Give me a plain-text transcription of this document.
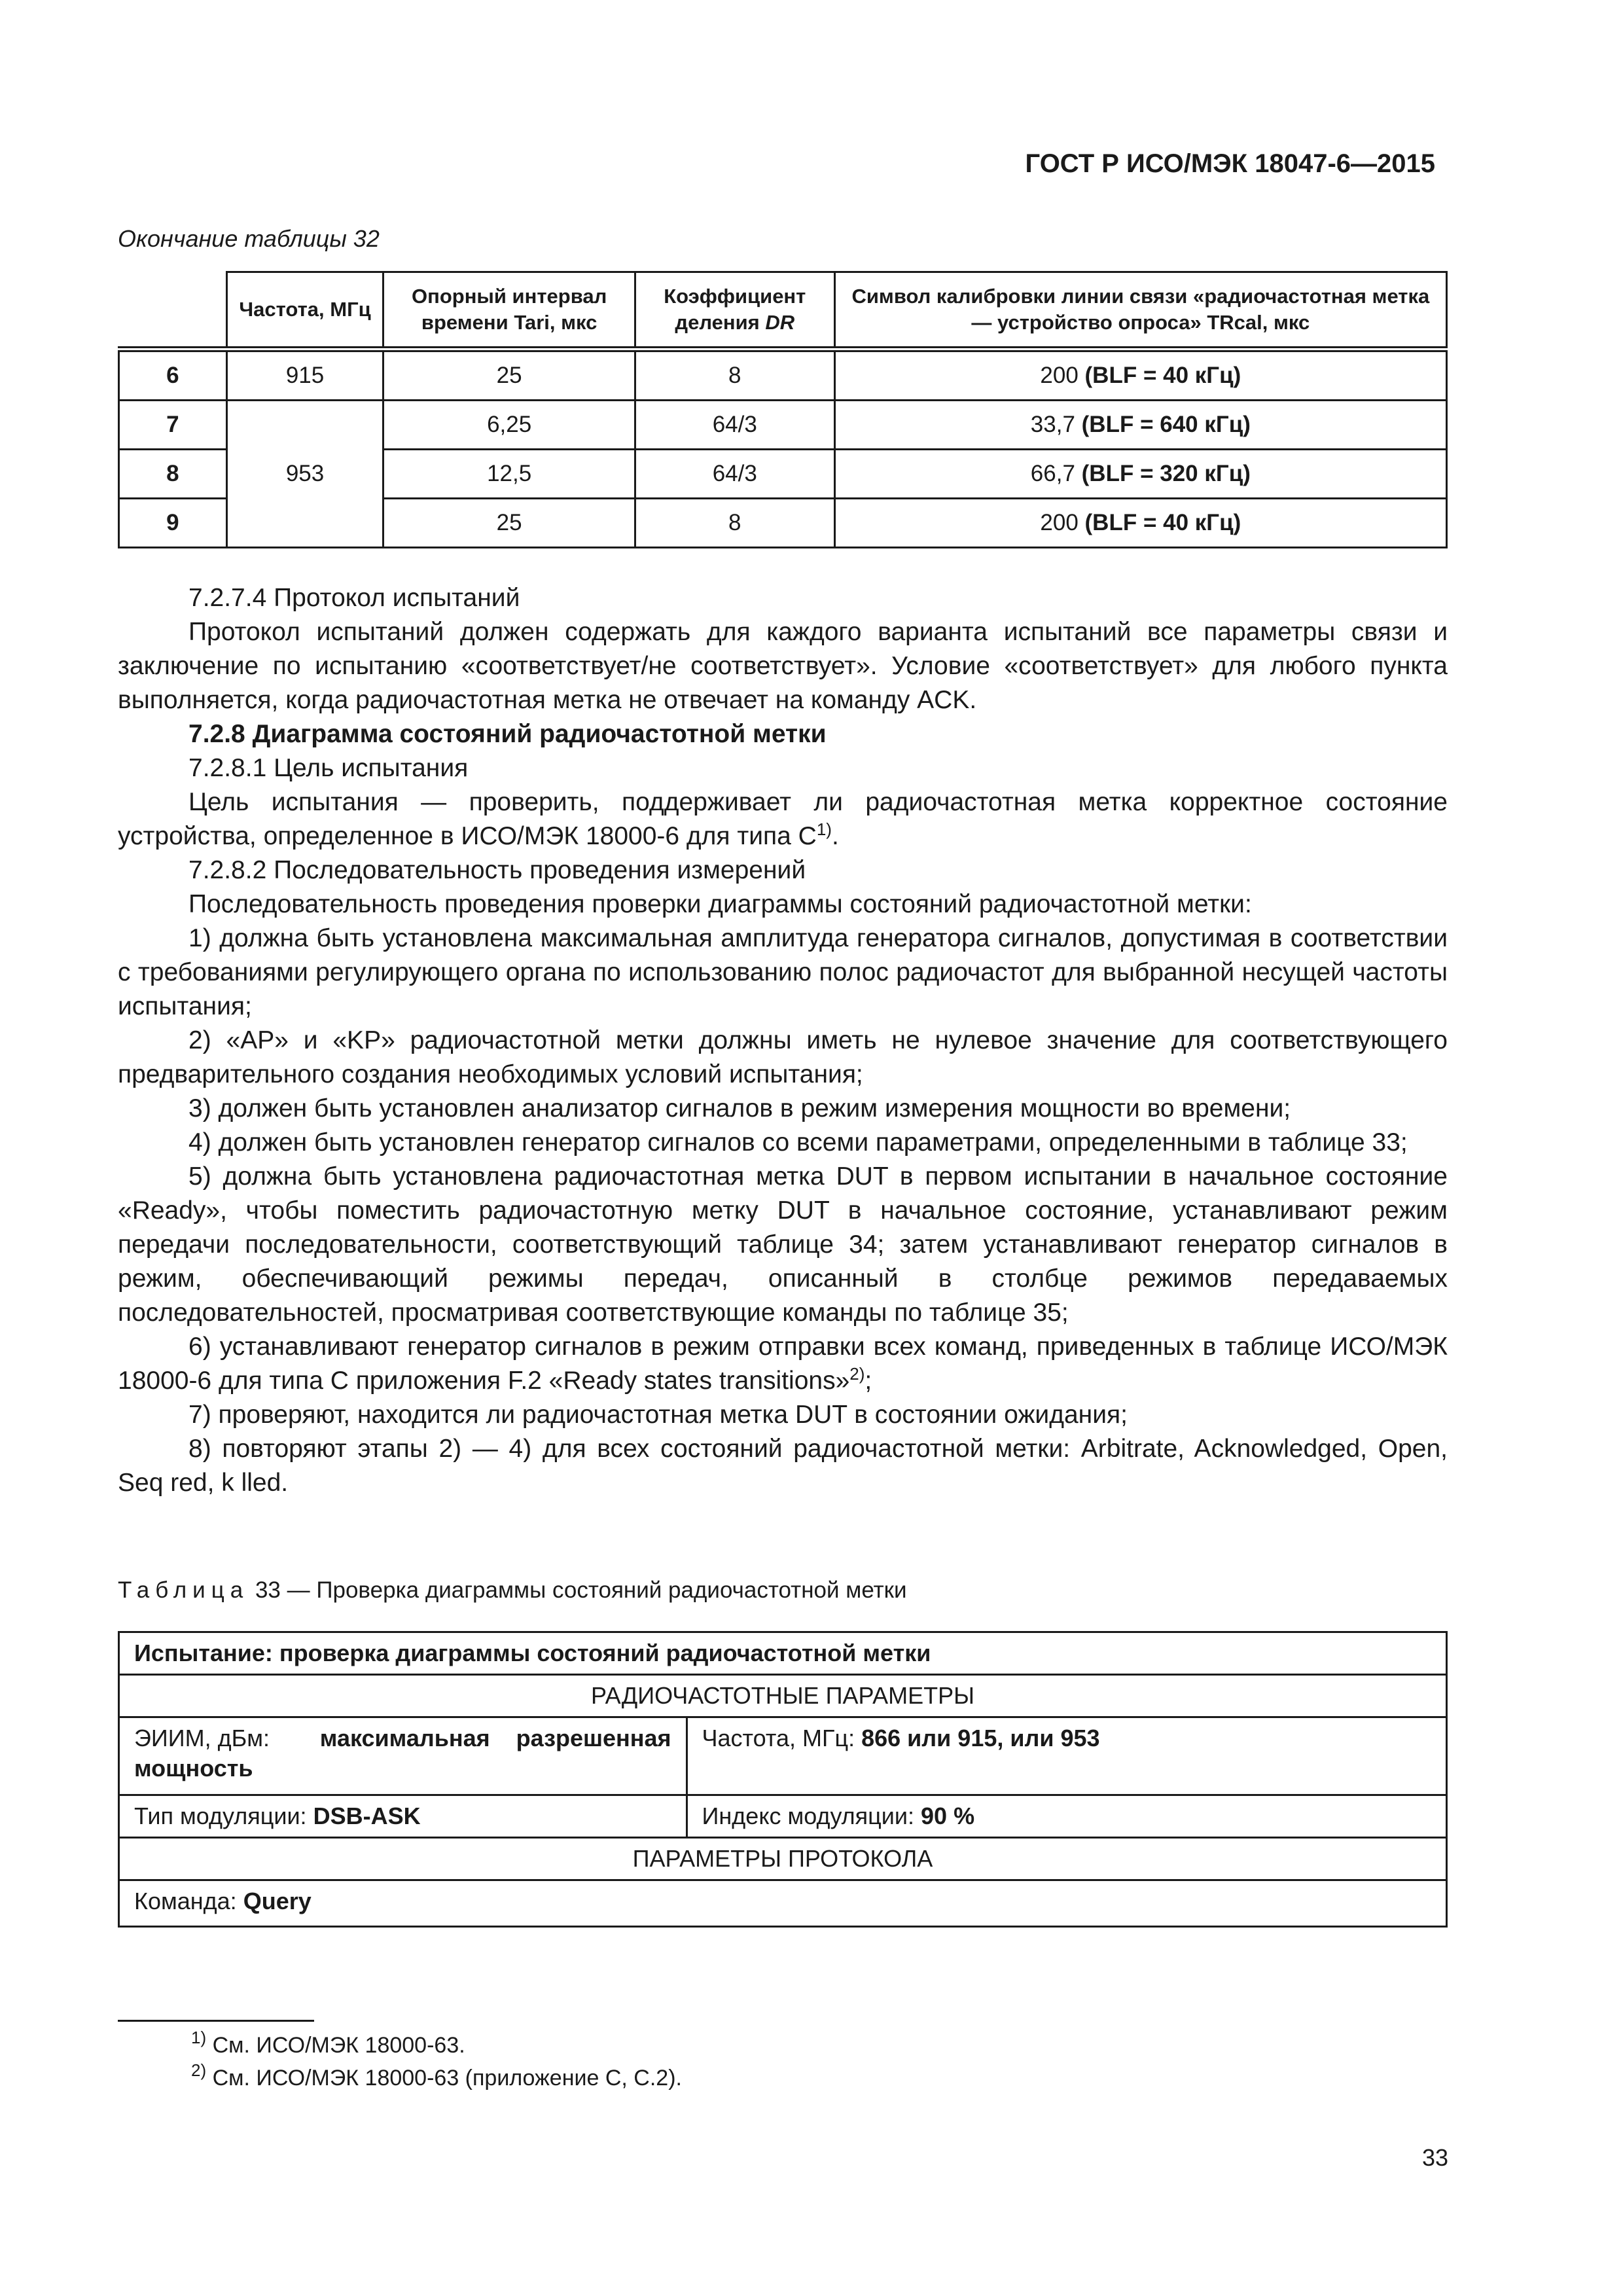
ГОСТ Р ИСО/МЭК 18047-6—2015
Окончание таблицы 32
	Частота, МГц	Опорный интервал времени Tari, мкс	Коэффициент деления DR	Символ калибровки линии связи «радиочастотная метка — устройство опроса» TRcal, мкс
6	915	25	8	200 (BLF = 40 кГц)
7	953	6,25	64/3	33,7 (BLF = 640 кГц)
8		12,5	64/3	66,7 (BLF = 320 кГц)
9		25	8	200 (BLF = 40 кГц)

7.2.7.4 Протокол испытаний

Протокол испытаний должен содержать для каждого варианта испытаний все параметры связи и заключение по испытанию «соответствует/не соответствует». Условие «соответствует» для любого пункта выполняется, когда радиочастотная метка не отвечает на команду ACK.

7.2.8 Диаграмма состояний радиочастотной метки

7.2.8.1 Цель испытания

Цель испытания — проверить, поддерживает ли радиочастотная метка корректное состояние устройства, определенное в ИСО/МЭК 18000-6 для типа $С^{1)}$.

7.2.8.2 Последовательность проведения измерений

Последовательность проведения проверки диаграммы состояний радиочастотной метки:

1) должна быть установлена максимальная амплитуда генератора сигналов, допустимая в соответствии с требованиями регулирующего органа по использованию полос радиочастот для выбранной несущей частоты испытания;

2) «AP» и «KP» радиочастотной метки должны иметь не нулевое значение для соответствующего предварительного создания необходимых условий испытания;

3) должен быть установлен анализатор сигналов в режим измерения мощности во времени;

4) должен быть установлен генератор сигналов со всеми параметрами, определенными в таблице 33;

5) должна быть установлена радиочастотная метка DUT в первом испытании в начальное состояние «Ready», чтобы поместить радиочастотную метку DUT в начальное состояние, устанавливают режим передачи последовательности, соответствующий таблице 34; затем устанавливают генератор сигналов в режим, обеспечивающий режимы передач, описанный в столбце режимов передаваемых последовательностей, просматривая соответствующие команды по таблице 35;

6) устанавливают генератор сигналов в режим отправки всех команд, приведенных в таблице ИСО/МЭК 18000-6 для типа С приложения F.2 «Ready states transitions»$^{2)}$;

7) проверяют, находится ли радиочастотная метка DUT в состоянии ожидания;

8) повторяют этапы 2) — 4) для всех состояний радиочастотной метки: Arbitrate, Acknowledged, Open, Seq red, k lled.

Таблица 33 — Проверка диаграммы состояний радиочастотной метки
Испытание: проверка диаграммы состояний радиочастотной метки	
РАДИОЧАСТОТНЫЕ ПАРАМЕТРЫ	

ЭИИМ, дБм: максимальная    разрешенная
мощность	Частота, МГц: 866 или 915, или 953
Тип модуляции: DSB-ASK	Индекс модуляции: 90 %
ПАРАМЕТРЫ ПРОТОКОЛА	
Команда: Query	
$^{1)}$ См. ИСО/МЭК 18000-63.
$^{2)}$ См. ИСО/МЭК 18000-63 (приложение С, С.2).
33
